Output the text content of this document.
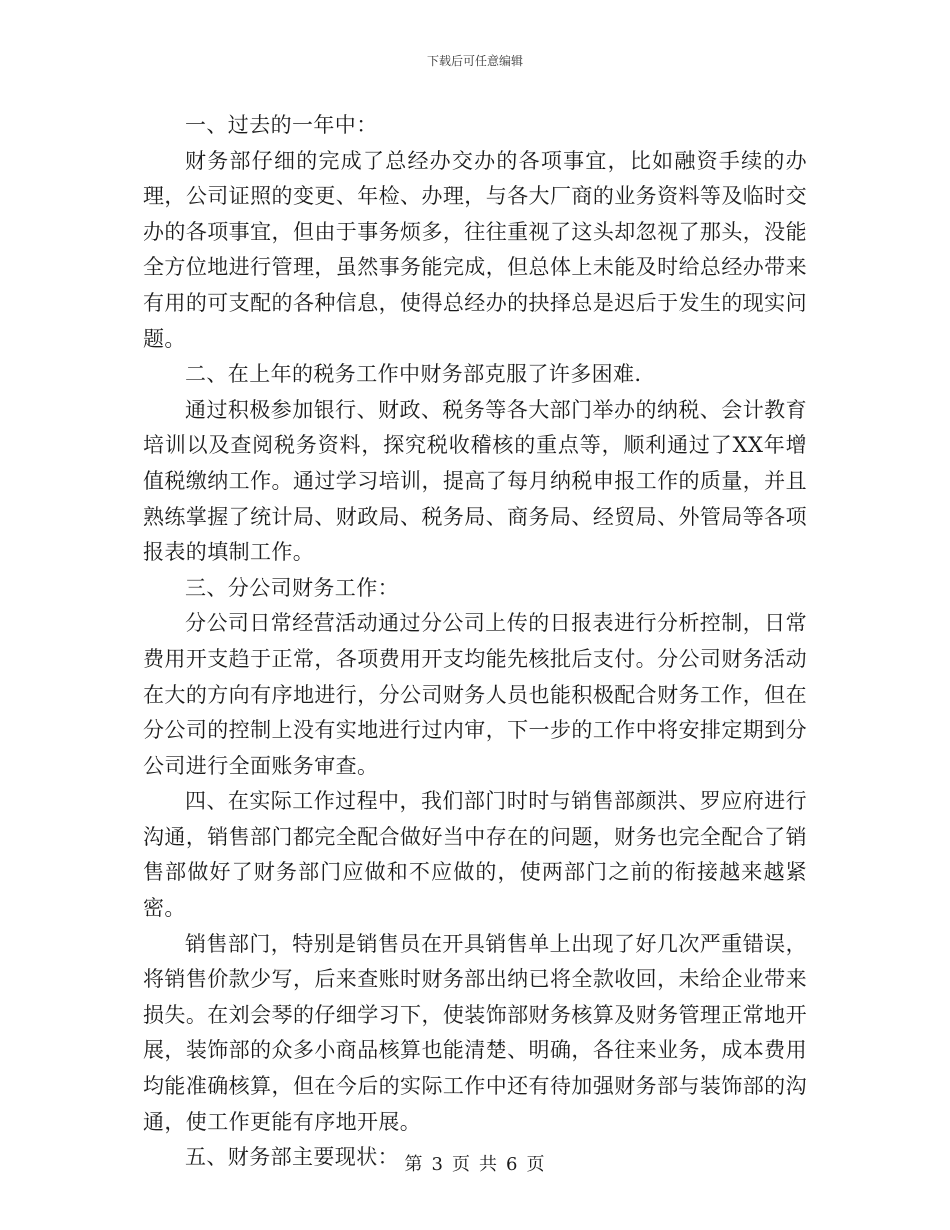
下载后可任意编辑

一、过去的一年中：

财务部仔细的完成了总经办交办的各项事宜，比如融资手续的办理，公司证照的变更、年检、办理，与各大厂商的业务资料等及临时交办的各项事宜，但由于事务烦多，往往重视了这头却忽视了那头，没能全方位地进行管理，虽然事务能完成，但总体上未能及时给总经办带来有用的可支配的各种信息，使得总经办的抉择总是迟后于发生的现实问题。

二、在上年的税务工作中财务部克服了许多困难.

通过积极参加银行、财政、税务等各大部门举办的纳税、会计教育培训以及查阅税务资料，探究税收稽核的重点等，顺利通过了XX年增值税缴纳工作。通过学习培训，提高了每月纳税申报工作的质量，并且熟练掌握了统计局、财政局、税务局、商务局、经贸局、外管局等各项报表的填制工作。

三、分公司财务工作：

分公司日常经营活动通过分公司上传的日报表进行分析控制，日常费用开支趋于正常，各项费用开支均能先核批后支付。分公司财务活动在大的方向有序地进行，分公司财务人员也能积极配合财务工作，但在分公司的控制上没有实地进行过内审，下一步的工作中将安排定期到分公司进行全面账务审查。

四、在实际工作过程中，我们部门时时与销售部颜洪、罗应府进行沟通，销售部门都完全配合做好当中存在的问题，财务也完全配合了销售部做好了财务部门应做和不应做的，使两部门之前的衔接越来越紧密。

销售部门，特别是销售员在开具销售单上出现了好几次严重错误，将销售价款少写，后来查账时财务部出纳已将全款收回，未给企业带来损失。在刘会琴的仔细学习下，使装饰部财务核算及财务管理正常地开展，装饰部的众多小商品核算也能清楚、明确，各往来业务，成本费用均能准确核算，但在今后的实际工作中还有待加强财务部与装饰部的沟通，使工作更能有序地开展。

五、财务部主要现状： 第 3 页 共 6 页
